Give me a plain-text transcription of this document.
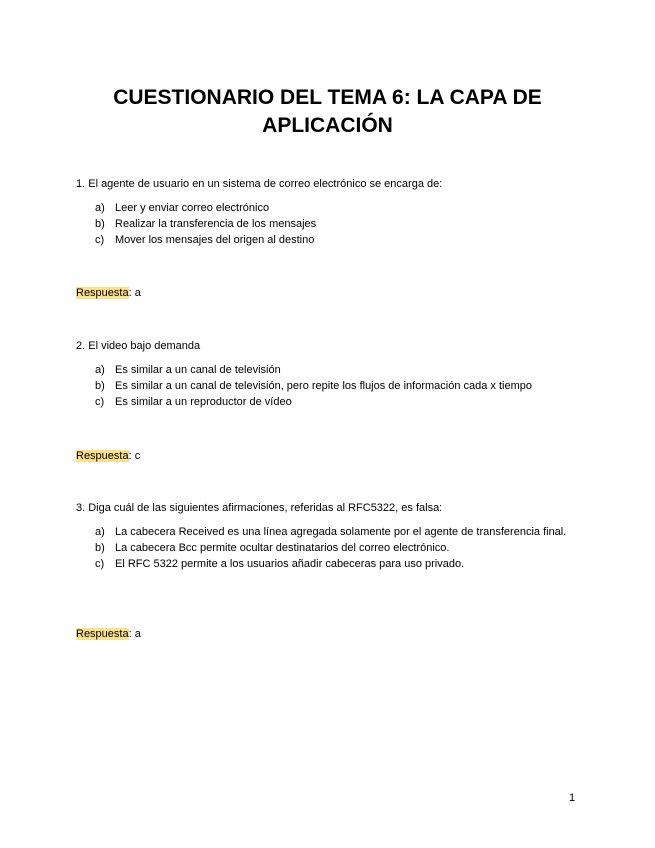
CUESTIONARIO DEL TEMA 6: LA CAPA DE APLICACIÓN

1. El agente de usuario en un sistema de correo electrónico se encarga de:

a) Leer y enviar correo electrónico
b) Realizar la transferencia de los mensajes
c) Mover los mensajes del origen al destino
Respuesta: a

2. El video bajo demanda

a) Es similar a un canal de televisión
b) Es similar a un canal de televisión, pero repite los flujos de información cada x tiempo
c) Es similar a un reproductor de vídeo
Respuesta: c

3. Diga cuál de las siguientes afirmaciones, referidas al RFC5322, es falsa:

a) La cabecera Received es una línea agregada solamente por el agente de transferencia final.
b) La cabecera Bcc permite ocultar destinatarios del correo electrónico.
c) El RFC 5322 permite a los usuarios añadir cabeceras para uso privado.
Respuesta: a
1
